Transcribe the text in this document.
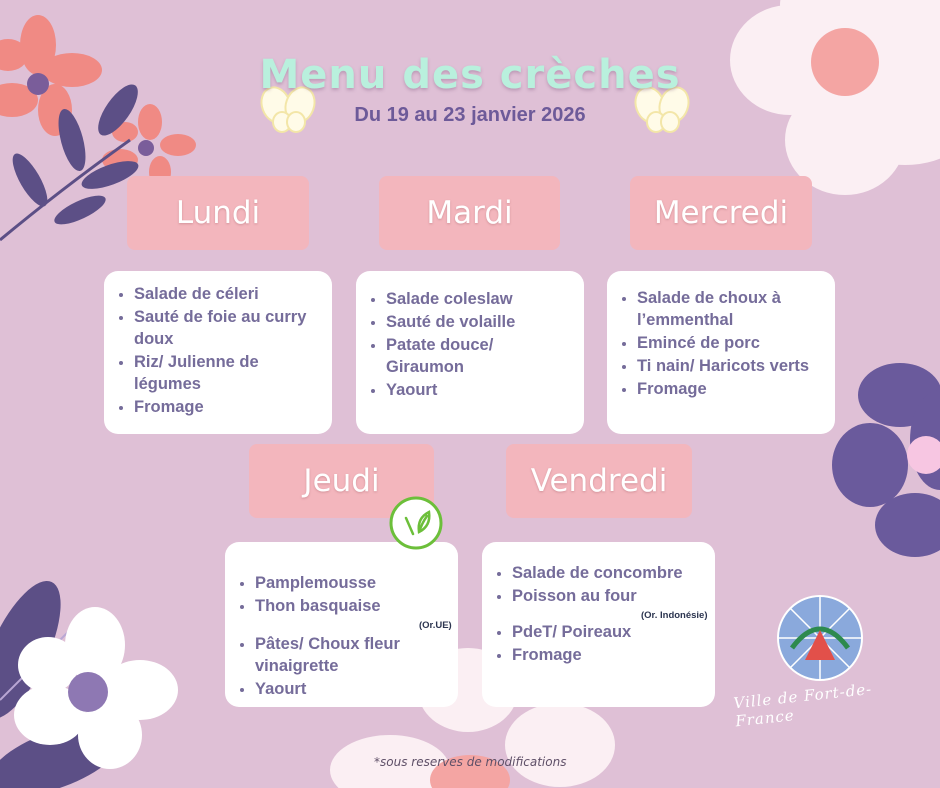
Menu des crèches
Du 19 au 23 janvier 2026
Lundi
• Salade de céleri
• Sauté de foie au curry doux
• Riz/ Julienne de légumes
• Fromage
Mardi
• Salade coleslaw
• Sauté de volaille
• Patate douce/ Giraumon
• Yaourt
Mercredi
• Salade de choux à l’emmenthal
• Emincé de porc
• Ti nain/ Haricots verts
• Fromage
Jeudi
• Pamplemousse
• Thon basquaise
• Pâtes/ Choux fleur vinaigrette
• Yaourt
(Or.UE)
Vendredi
• Salade de concombre
• Poisson au four
• PdeT/ Poireaux
• Fromage
(Or. Indonésie)
Ville de Fort-de-France
*sous reserves de modifications
